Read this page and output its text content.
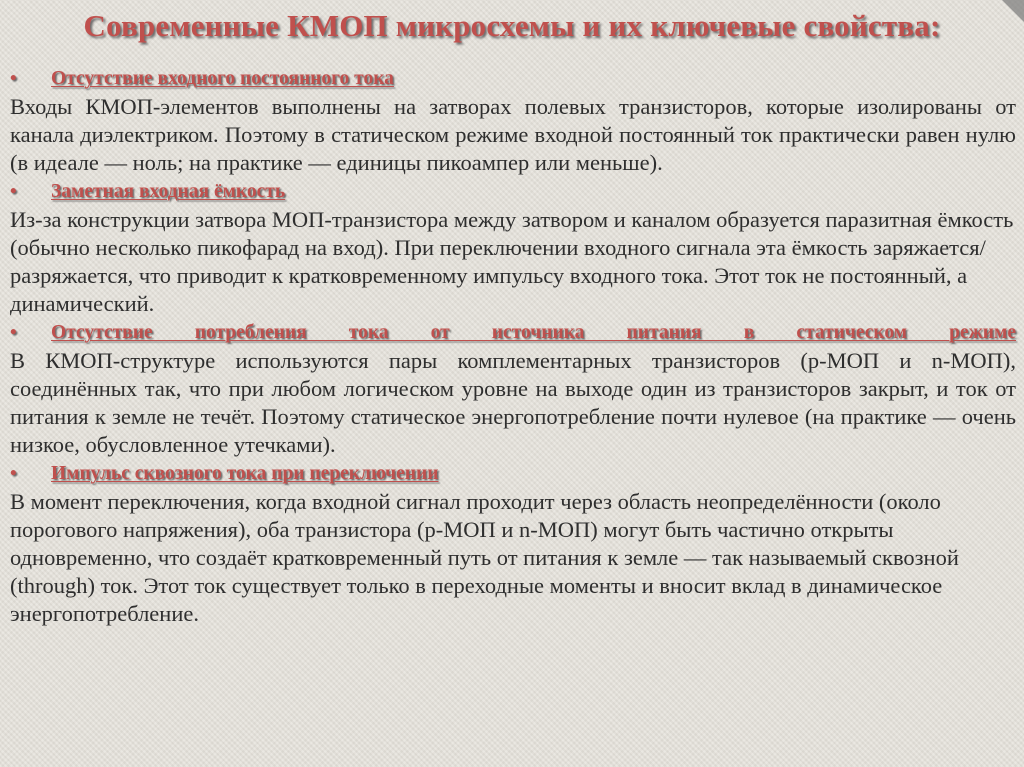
Современные КМОП микросхемы и их ключевые свойства:
•	Отсутствие входного постоянного тока

Входы КМОП-элементов выполнены на затворах полевых транзисторов, которые изолированы от канала диэлектриком. Поэтому в статическом режиме входной постоянный ток практически равен нулю (в идеале — ноль; на практике — единицы пикоампер или меньше).

•	Заметная входная ёмкость

Из-за конструкции затвора МОП-транзистора между затвором и каналом образуется паразитная ёмкость (обычно несколько пикофарад на вход). При переключении входного сигнала эта ёмкость заряжается/разряжается, что приводит к кратковременному импульсу входного тока. Этот ток не постоянный, а динамический.

•	Отсутствие потребления тока от источника питания в статическом режиме

В КМОП-структуре используются пары комплементарных транзисторов (p-МОП и n-МОП), соединённых так, что при любом логическом уровне на выходе один из транзисторов закрыт, и ток от питания к земле не течёт. Поэтому статическое энергопотребление почти нулевое (на практике — очень низкое, обусловленное утечками).

•	Импульс сквозного тока при переключении

В момент переключения, когда входной сигнал проходит через область неопределённости (около порогового напряжения), оба транзистора (p-МОП и n-МОП) могут быть частично открыты одновременно, что создаёт кратковременный путь от питания к земле — так называемый сквозной (through) ток. Этот ток существует только в переходные моменты и вносит вклад в динамическое энергопотребление.
